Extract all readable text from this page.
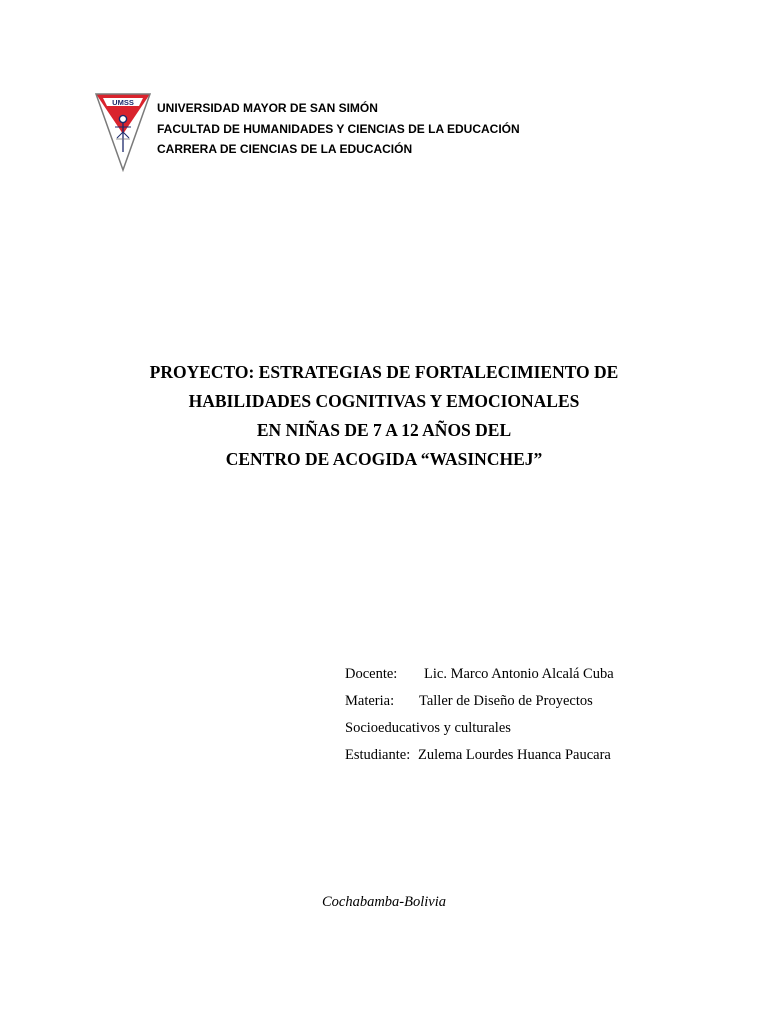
UMSS UNIVERSIDAD MAYOR DE SAN SIMÓN
FACULTAD DE HUMANIDADES Y CIENCIAS DE LA EDUCACIÓN
CARRERA DE CIENCIAS DE LA EDUCACIÓN
PROYECTO: ESTRATEGIAS DE FORTALECIMIENTO DE
HABILIDADES COGNITIVAS Y EMOCIONALES
EN NIÑAS DE 7 A 12 AÑOS DEL
CENTRO DE ACOGIDA “WASINCHEJ”
Docente: Lic. Marco Antonio Alcalá Cuba
Materia: Taller de Diseño de Proyectos
Socioeducativos y culturales
Estudiante: Zulema Lourdes Huanca Paucara
Cochabamba-Bolivia
